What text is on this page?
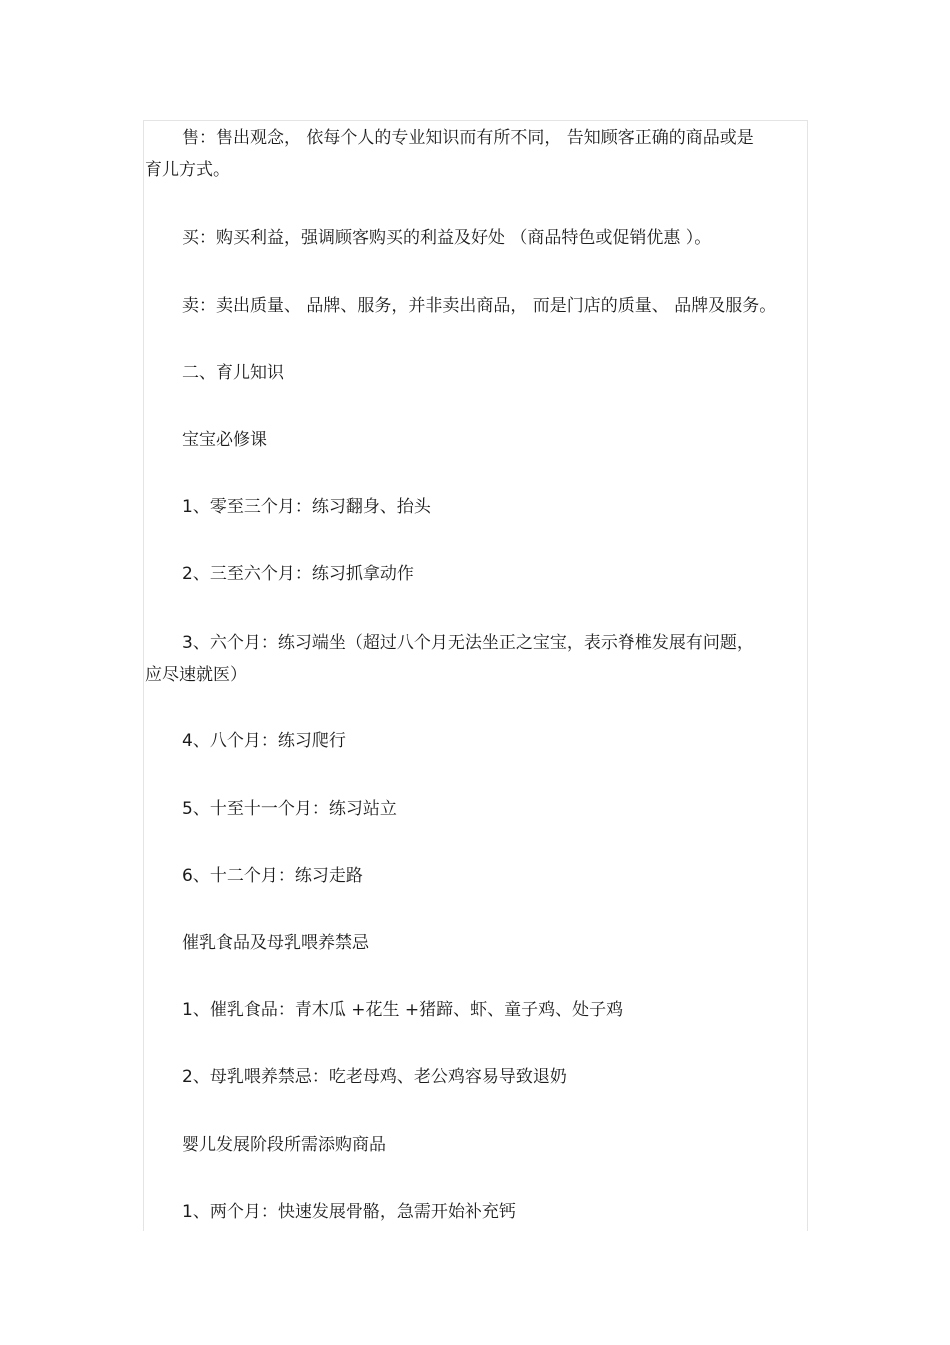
售：售出观念， 依每个人的专业知识而有所不同， 告知顾客正确的商品或是
育儿方式。
买：购买利益，强调顾客购买的利益及好处 （商品特色或促销优惠 ）。
卖：卖出质量、 品牌、服务，并非卖出商品， 而是门店的质量、 品牌及服务。
二、育儿知识
宝宝必修课
1、零至三个月：练习翻身、抬头
2、三至六个月：练习抓拿动作
3、六个月：练习端坐（超过八个月无法坐正之宝宝，表示脊椎发展有问题，
应尽速就医）
4、八个月：练习爬行
5、十至十一个月：练习站立
6、十二个月：练习走路
催乳食品及母乳喂养禁忌
1、催乳食品：青木瓜 +花生 +猪蹄、虾、童子鸡、处子鸡
2、母乳喂养禁忌：吃老母鸡、老公鸡容易导致退奶
婴儿发展阶段所需添购商品
1、两个月：快速发展骨骼，急需开始补充钙
